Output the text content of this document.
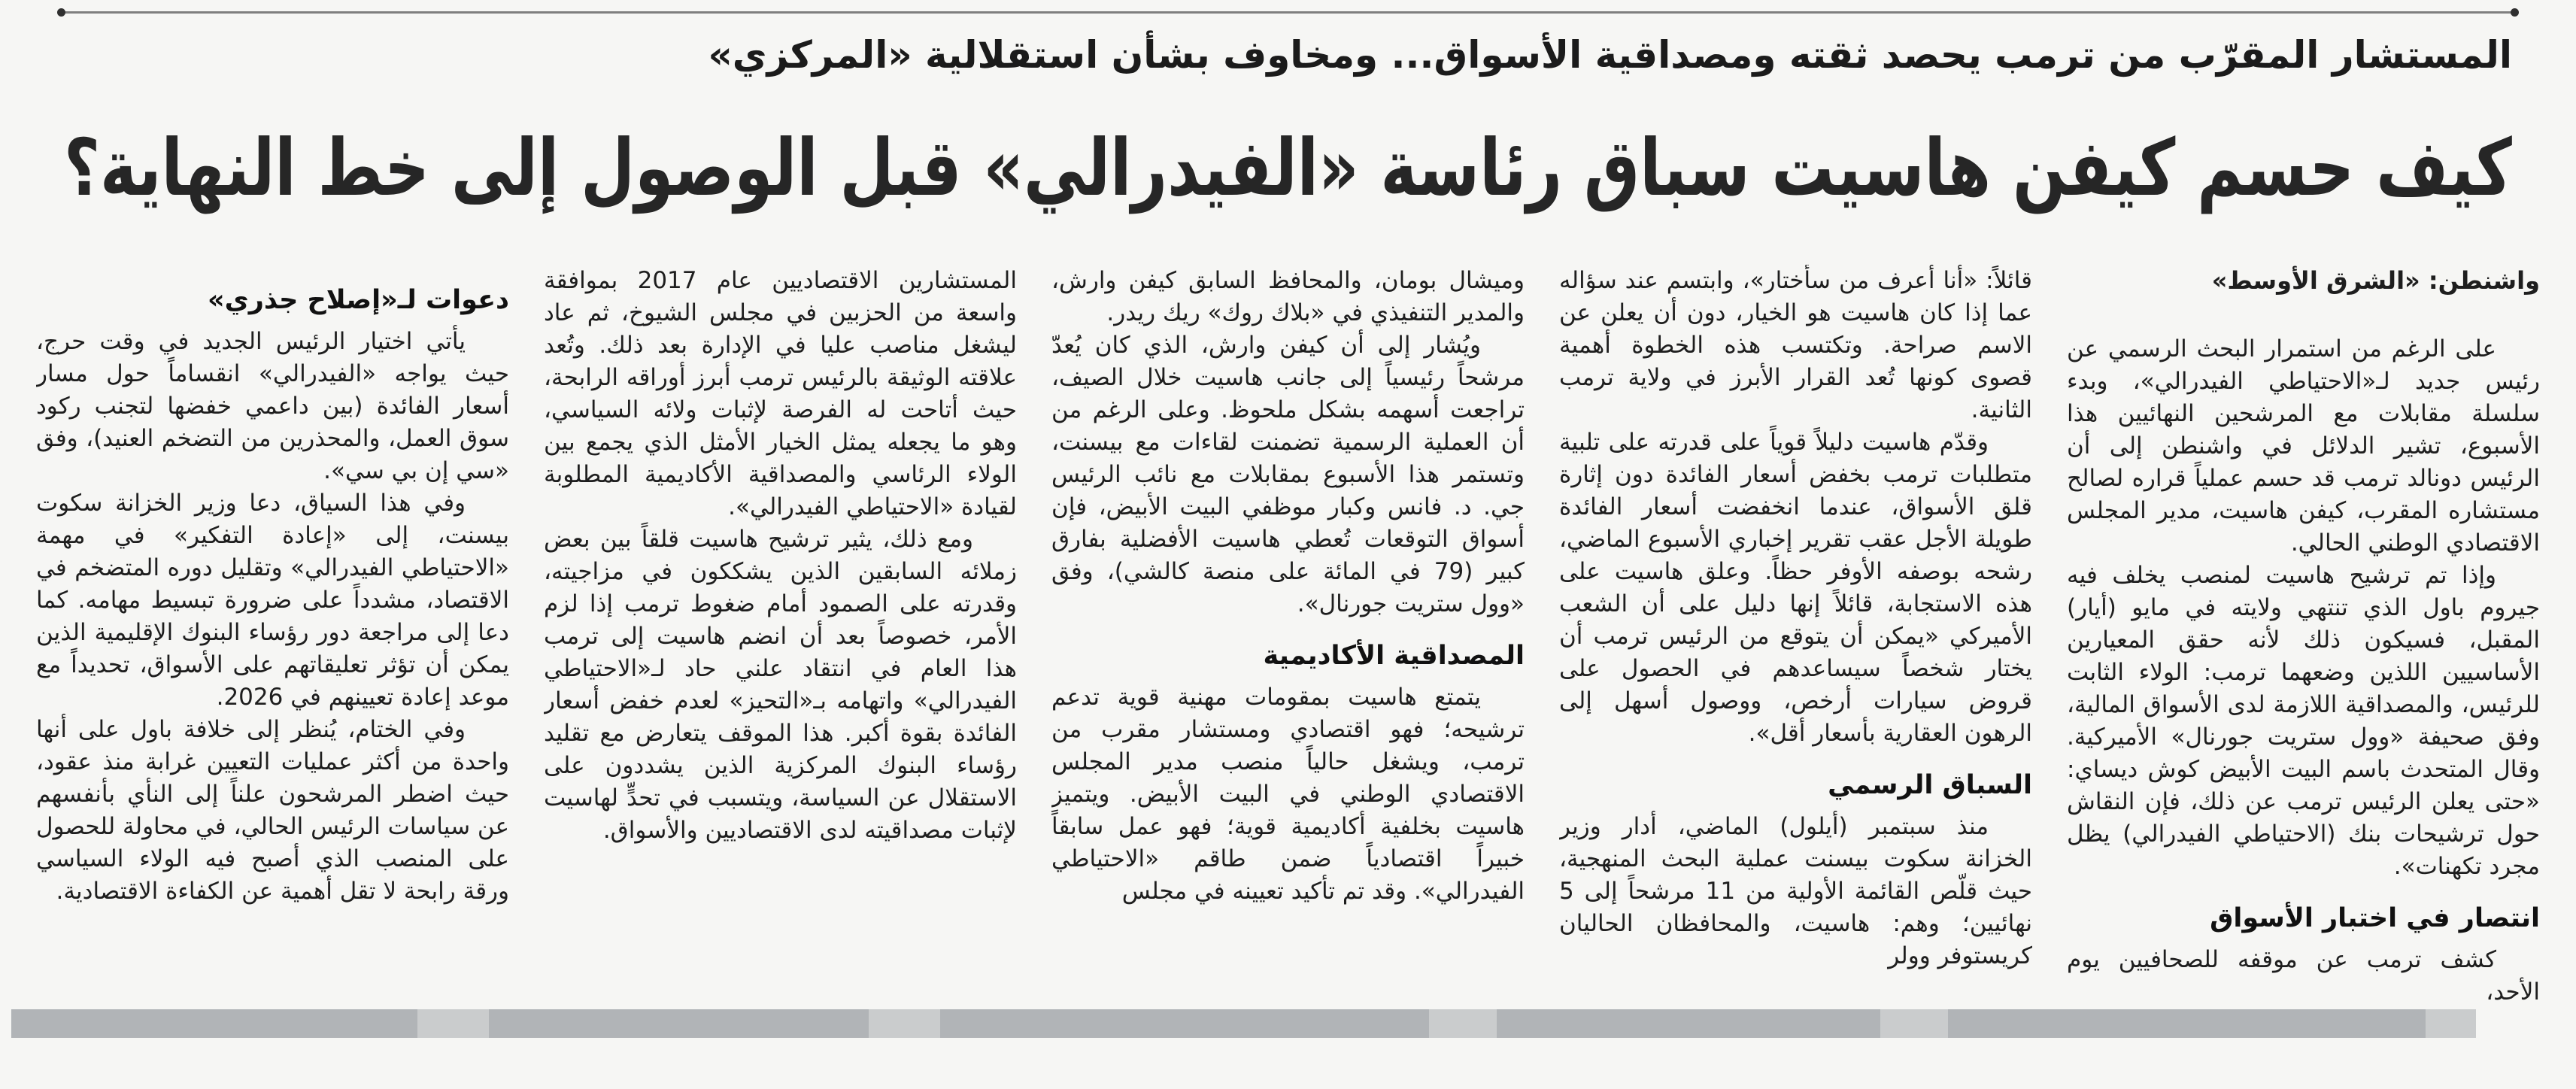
المستشار المقرّب من ترمب يحصد ثقته ومصداقية الأسواق... ومخاوف بشأن استقلالية «المركزي»
كيف حسم كيفن هاسيت سباق رئاسة «الفيدرالي» قبل الوصول إلى خط النهاية؟

واشنطن: «الشرق الأوسط»

على الرغم من استمرار البحث الرسمي عن رئيس جديد لـ«الاحتياطي الفيدرالي»، وبدء سلسلة مقابلات مع المرشحين النهائيين هذا الأسبوع، تشير الدلائل في واشنطن إلى أن الرئيس دونالد ترمب قد حسم عملياً قراره لصالح مستشاره المقرب، كيفن هاسيت، مدير المجلس الاقتصادي الوطني الحالي.

وإذا تم ترشيح هاسيت لمنصب يخلف فيه جيروم باول الذي تنتهي ولايته في مايو (أيار) المقبل، فسيكون ذلك لأنه حقق المعيارين الأساسيين اللذين وضعهما ترمب: الولاء الثابت للرئيس، والمصداقية اللازمة لدى الأسواق المالية، وفق صحيفة «وول ستريت جورنال» الأميركية. وقال المتحدث باسم البيت الأبيض كوش ديساي: «حتى يعلن الرئيس ترمب عن ذلك، فإن النقاش حول ترشيحات بنك (الاحتياطي الفيدرالي) يظل مجرد تكهنات».

انتصار في اختبار الأسواق

كشف ترمب عن موقفه للصحافيين يوم الأحد،

قائلاً: «أنا أعرف من سأختار»، وابتسم عند سؤاله عما إذا كان هاسيت هو الخيار، دون أن يعلن عن الاسم صراحة. وتكتسب هذه الخطوة أهمية قصوى كونها تُعد القرار الأبرز في ولاية ترمب الثانية.

وقدّم هاسيت دليلاً قوياً على قدرته على تلبية متطلبات ترمب بخفض أسعار الفائدة دون إثارة قلق الأسواق، عندما انخفضت أسعار الفائدة طويلة الأجل عقب تقرير إخباري الأسبوع الماضي، رشحه بوصفه الأوفر حظاً. وعلق هاسيت على هذه الاستجابة، قائلاً إنها دليل على أن الشعب الأميركي «يمكن أن يتوقع من الرئيس ترمب أن يختار شخصاً سيساعدهم في الحصول على قروض سيارات أرخص، ووصول أسهل إلى الرهون العقارية بأسعار أقل».

السباق الرسمي

منذ سبتمبر (أيلول) الماضي، أدار وزير الخزانة سكوت بيسنت عملية البحث المنهجية، حيث قلّص القائمة الأولية من 11 مرشحاً إلى 5 نهائيين؛ وهم: هاسيت، والمحافظان الحاليان كريستوفر وولر

وميشال بومان، والمحافظ السابق كيفن وارش، والمدير التنفيذي في «بلاك روك» ريك ريدر.

ويُشار إلى أن كيفن وارش، الذي كان يُعدّ مرشحاً رئيسياً إلى جانب هاسيت خلال الصيف، تراجعت أسهمه بشكل ملحوظ. وعلى الرغم من أن العملية الرسمية تضمنت لقاءات مع بيسنت، وتستمر هذا الأسبوع بمقابلات مع نائب الرئيس جي. د. فانس وكبار موظفي البيت الأبيض، فإن أسواق التوقعات تُعطي هاسيت الأفضلية بفارق كبير (79 في المائة على منصة كالشي)، وفق «وول ستريت جورنال».

المصداقية الأكاديمية

يتمتع هاسيت بمقومات مهنية قوية تدعم ترشيحه؛ فهو اقتصادي ومستشار مقرب من ترمب، ويشغل حالياً منصب مدير المجلس الاقتصادي الوطني في البيت الأبيض. ويتميز هاسيت بخلفية أكاديمية قوية؛ فهو عمل سابقاً خبيراً اقتصادياً ضمن طاقم «الاحتياطي الفيدرالي». وقد تم تأكيد تعيينه في مجلس

المستشارين الاقتصاديين عام 2017 بموافقة واسعة من الحزبين في مجلس الشيوخ، ثم عاد ليشغل مناصب عليا في الإدارة بعد ذلك. وتُعد علاقته الوثيقة بالرئيس ترمب أبرز أوراقه الرابحة، حيث أتاحت له الفرصة لإثبات ولائه السياسي، وهو ما يجعله يمثل الخيار الأمثل الذي يجمع بين الولاء الرئاسي والمصداقية الأكاديمية المطلوبة لقيادة «الاحتياطي الفيدرالي».

ومع ذلك، يثير ترشيح هاسيت قلقاً بين بعض زملائه السابقين الذين يشككون في مزاجيته، وقدرته على الصمود أمام ضغوط ترمب إذا لزم الأمر، خصوصاً بعد أن انضم هاسيت إلى ترمب هذا العام في انتقاد علني حاد لـ«الاحتياطي الفيدرالي» واتهامه بـ«التحيز» لعدم خفض أسعار الفائدة بقوة أكبر. هذا الموقف يتعارض مع تقليد رؤساء البنوك المركزية الذين يشددون على الاستقلال عن السياسة، ويتسبب في تحدٍّ لهاسيت لإثبات مصداقيته لدى الاقتصاديين والأسواق.

دعوات لـ«إصلاح جذري»

يأتي اختيار الرئيس الجديد في وقت حرج، حيث يواجه «الفيدرالي» انقساماً حول مسار أسعار الفائدة (بين داعمي خفضها لتجنب ركود سوق العمل، والمحذرين من التضخم العنيد)، وفق «سي إن بي سي».

وفي هذا السياق، دعا وزير الخزانة سكوت بيسنت، إلى «إعادة التفكير» في مهمة «الاحتياطي الفيدرالي» وتقليل دوره المتضخم في الاقتصاد، مشدداً على ضرورة تبسيط مهامه. كما دعا إلى مراجعة دور رؤساء البنوك الإقليمية الذين يمكن أن تؤثر تعليقاتهم على الأسواق، تحديداً مع موعد إعادة تعيينهم في 2026.

وفي الختام، يُنظر إلى خلافة باول على أنها واحدة من أكثر عمليات التعيين غرابة منذ عقود، حيث اضطر المرشحون علناً إلى النأي بأنفسهم عن سياسات الرئيس الحالي، في محاولة للحصول على المنصب الذي أصبح فيه الولاء السياسي ورقة رابحة لا تقل أهمية عن الكفاءة الاقتصادية.
